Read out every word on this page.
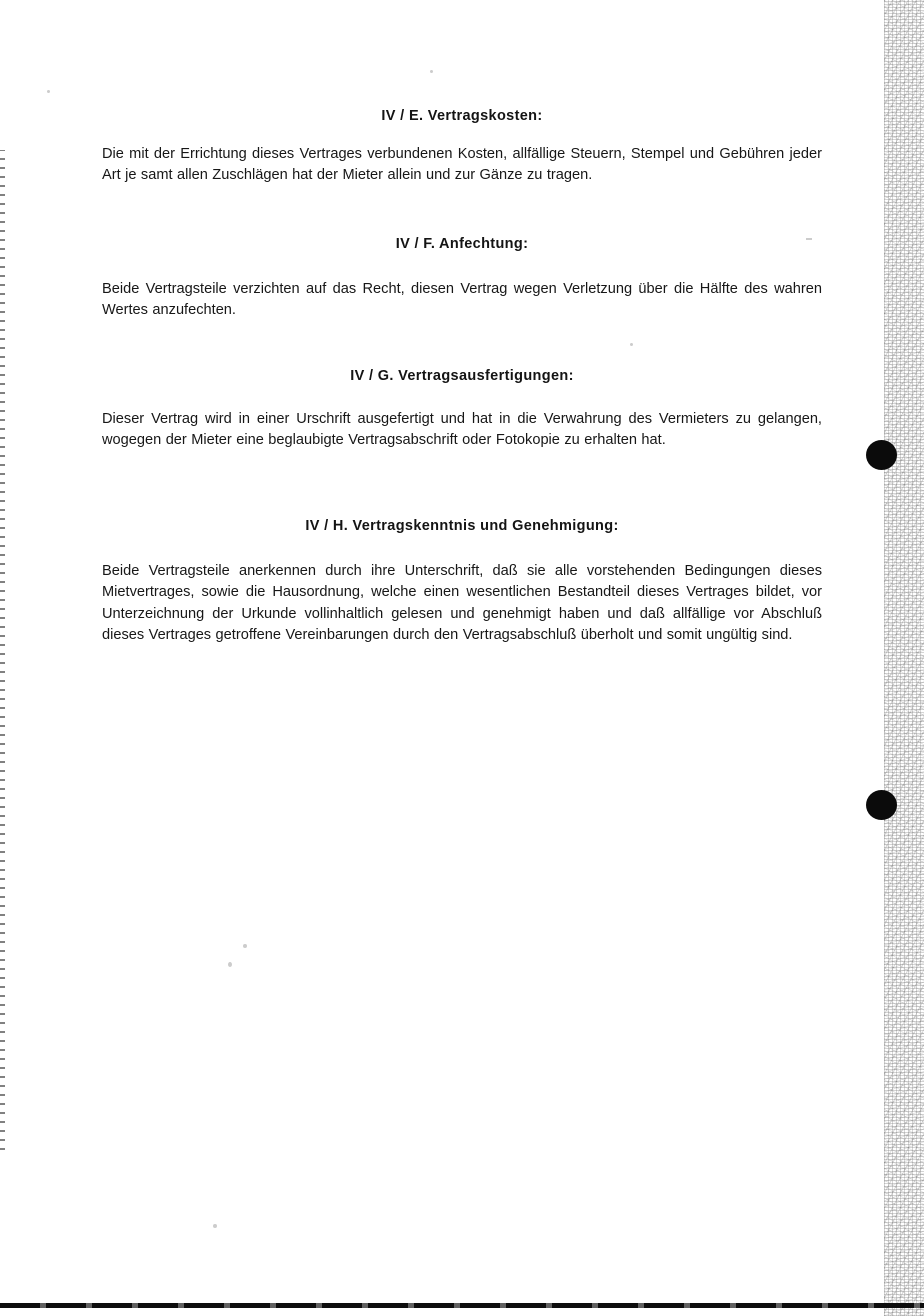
IV / E. Vertragskosten:

Die mit der Errichtung dieses Vertrages verbundenen Kosten, allfällige Steuern, Stempel und Gebühren jeder Art je samt allen Zuschlägen hat der Mieter allein und zur Gänze zu tragen.

IV / F. Anfechtung:

Beide Vertragsteile verzichten auf das Recht, diesen Vertrag wegen Verletzung über die Hälfte des wahren Wertes anzufechten.

IV / G. Vertragsausfertigungen:

Dieser Vertrag wird in einer Urschrift ausgefertigt und hat in die Verwahrung des Vermieters zu gelangen, wogegen der Mieter eine beglaubigte Vertragsabschrift oder Fotokopie zu erhalten hat.

IV / H. Vertragskenntnis und Genehmigung:

Beide Vertragsteile anerkennen durch ihre Unterschrift, daß sie alle vorstehenden Bedingungen dieses Mietvertrages, sowie die Hausordnung, welche einen wesentlichen Bestandteil dieses Vertrages bildet, vor Unterzeichnung der Urkunde vollinhaltlich gelesen und genehmigt haben und daß allfällige vor Abschluß dieses Vertrages getroffene Vereinbarungen durch den Vertragsabschluß überholt und somit ungültig sind.
